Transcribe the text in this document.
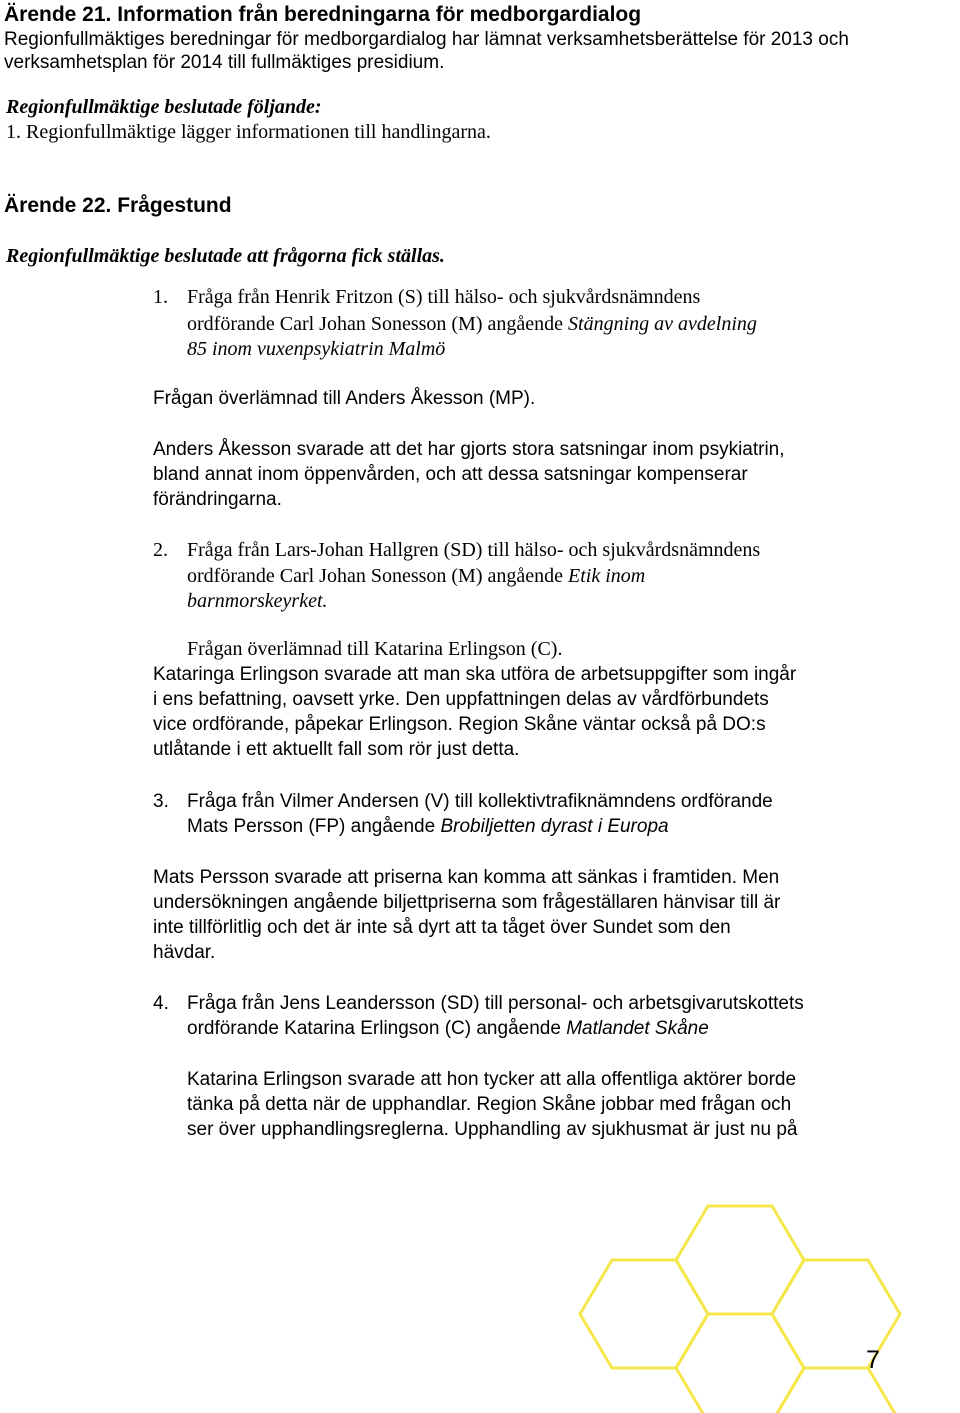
Ärende 21. Information från beredningarna för medborgardialog
Regionfullmäktiges beredningar för medborgardialog har lämnat verksamhetsberättelse för 2013 och
verksamhetsplan för 2014 till fullmäktiges presidium.
Regionfullmäktige beslutade följande:
1. Regionfullmäktige lägger informationen till handlingarna.
Ärende 22. Frågestund
Regionfullmäktige beslutade att frågorna fick ställas.
1. Fråga från Henrik Fritzon (S) till hälso- och sjukvårdsnämndens
ordförande Carl Johan Sonesson (M) angående Stängning av avdelning
85 inom vuxenpsykiatrin Malmö
Frågan överlämnad till Anders Åkesson (MP).
Anders Åkesson svarade att det har gjorts stora satsningar inom psykiatrin,
bland annat inom öppenvården, och att dessa satsningar kompenserar
förändringarna.
2. Fråga från Lars-Johan Hallgren (SD) till hälso- och sjukvårdsnämndens
ordförande Carl Johan Sonesson (M) angående Etik inom
barnmorskeyrket.
Frågan överlämnad till Katarina Erlingson (C).
Kataringa Erlingson svarade att man ska utföra de arbetsuppgifter som ingår
i ens befattning, oavsett yrke. Den uppfattningen delas av vårdförbundets
vice ordförande, påpekar Erlingson. Region Skåne väntar också på DO:s
utlåtande i ett aktuellt fall som rör just detta.
3. Fråga från Vilmer Andersen (V) till kollektivtrafiknämndens ordförande
Mats Persson (FP) angående Brobiljetten dyrast i Europa
Mats Persson svarade att priserna kan komma att sänkas i framtiden. Men
undersökningen angående biljettpriserna som frågeställaren hänvisar till är
inte tillförlitlig och det är inte så dyrt att ta tåget över Sundet som den
hävdar.
4. Fråga från Jens Leandersson (SD) till personal- och arbetsgivarutskottets
ordförande Katarina Erlingson (C) angående Matlandet Skåne
Katarina Erlingson svarade att hon tycker att alla offentliga aktörer borde
tänka på detta när de upphandlar. Region Skåne jobbar med frågan och
ser över upphandlingsreglerna. Upphandling av sjukhusmat är just nu på
7
